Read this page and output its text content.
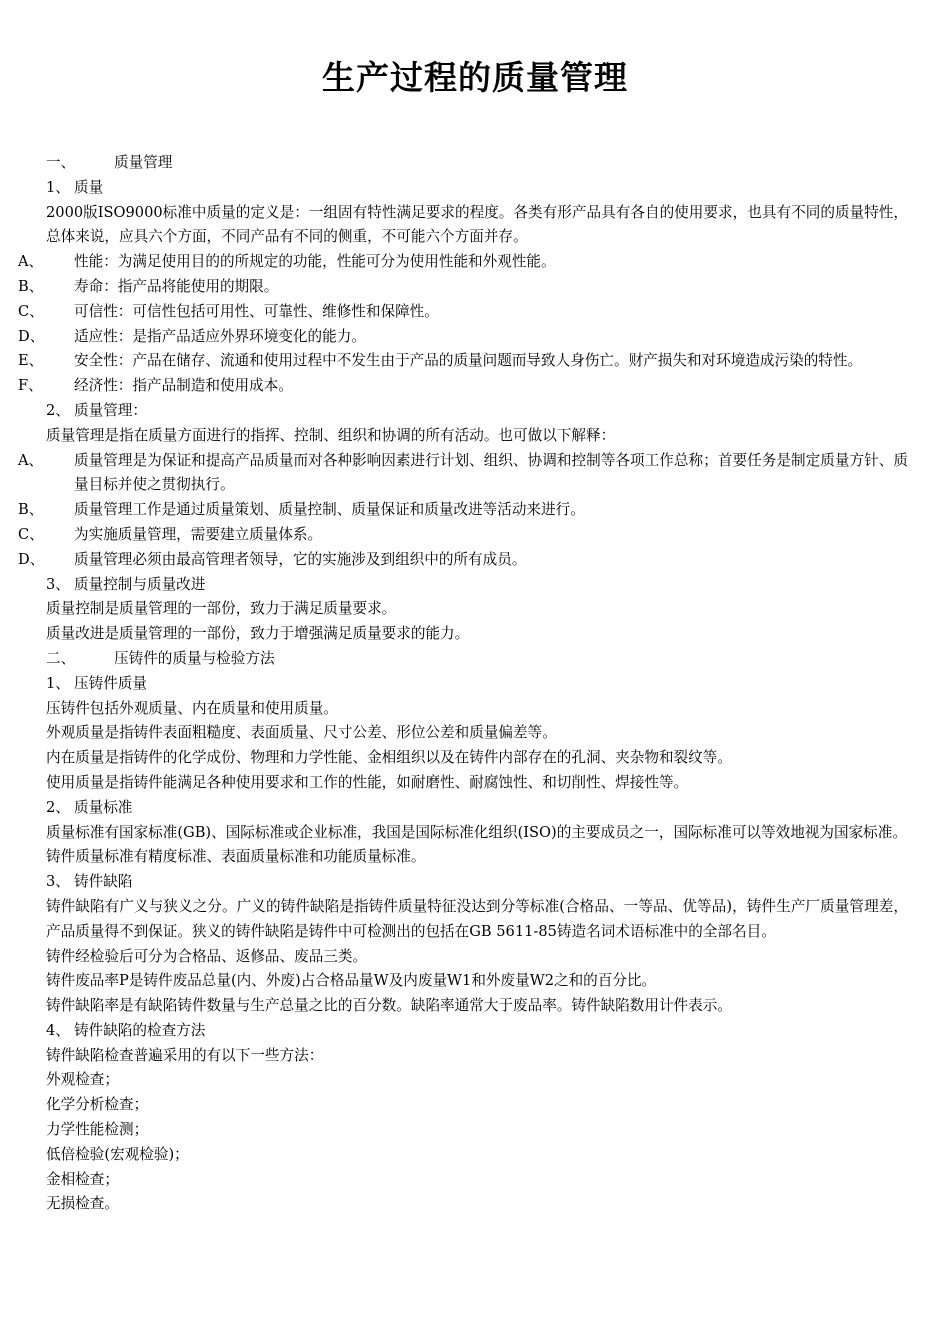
生产过程的质量管理
一、	质量管理
1、 质量
2000版ISO9000标准中质量的定义是：一组固有特性满足要求的程度。各类有形产品具有各自的使用要求，也具有不同的质量特性，总体来说，应具六个方面，不同产品有不同的侧重，不可能六个方面并存。
A、 性能：为满足使用目的的所规定的功能，性能可分为使用性能和外观性能。
B、 寿命：指产品将能使用的期限。
C、 可信性：可信性包括可用性、可靠性、维修性和保障性。
D、 适应性：是指产品适应外界环境变化的能力。
E、 安全性：产品在储存、流通和使用过程中不发生由于产品的质量问题而导致人身伤亡。财产损失和对环境造成污染的特性。
F、 经济性：指产品制造和使用成本。
2、 质量管理：
质量管理是指在质量方面进行的指挥、控制、组织和协调的所有活动。也可做以下解释：
A、 质量管理是为保证和提高产品质量而对各种影响因素进行计划、组织、协调和控制等各项工作总称；首要任务是制定质量方针、质量目标并使之贯彻执行。
B、 质量管理工作是通过质量策划、质量控制、质量保证和质量改进等活动来进行。
C、 为实施质量管理，需要建立质量体系。
D、 质量管理必须由最高管理者领导，它的实施涉及到组织中的所有成员。
3、 质量控制与质量改进
质量控制是质量管理的一部份，致力于满足质量要求。
质量改进是质量管理的一部份，致力于增强满足质量要求的能力。
二、	压铸件的质量与检验方法
1、 压铸件质量
压铸件包括外观质量、内在质量和使用质量。
外观质量是指铸件表面粗糙度、表面质量、尺寸公差、形位公差和质量偏差等。
内在质量是指铸件的化学成份、物理和力学性能、金相组织以及在铸件内部存在的孔洞、夹杂物和裂纹等。
使用质量是指铸件能满足各种使用要求和工作的性能，如耐磨性、耐腐蚀性、和切削性、焊接性等。
2、 质量标准
质量标准有国家标准(GB)、国际标准或企业标准，我国是国际标准化组织(ISO)的主要成员之一，国际标准可以等效地视为国家标准。
铸件质量标准有精度标准、表面质量标准和功能质量标准。
3、 铸件缺陷
铸件缺陷有广义与狭义之分。广义的铸件缺陷是指铸件质量特征没达到分等标准(合格品、一等品、优等品)，铸件生产厂质量管理差，产品质量得不到保证。狭义的铸件缺陷是铸件中可检测出的包括在GB 5611-85铸造名词术语标准中的全部名目。
铸件经检验后可分为合格品、返修品、废品三类。
铸件废品率P是铸件废品总量(内、外废)占合格品量W及内废量W1和外废量W2之和的百分比。
铸件缺陷率是有缺陷铸件数量与生产总量之比的百分数。缺陷率通常大于废品率。铸件缺陷数用计件表示。
4、 铸件缺陷的检查方法
铸件缺陷检查普遍采用的有以下一些方法：
外观检查；
化学分析检查；
力学性能检测；
低倍检验(宏观检验)；
金相检查；
无损检查。
